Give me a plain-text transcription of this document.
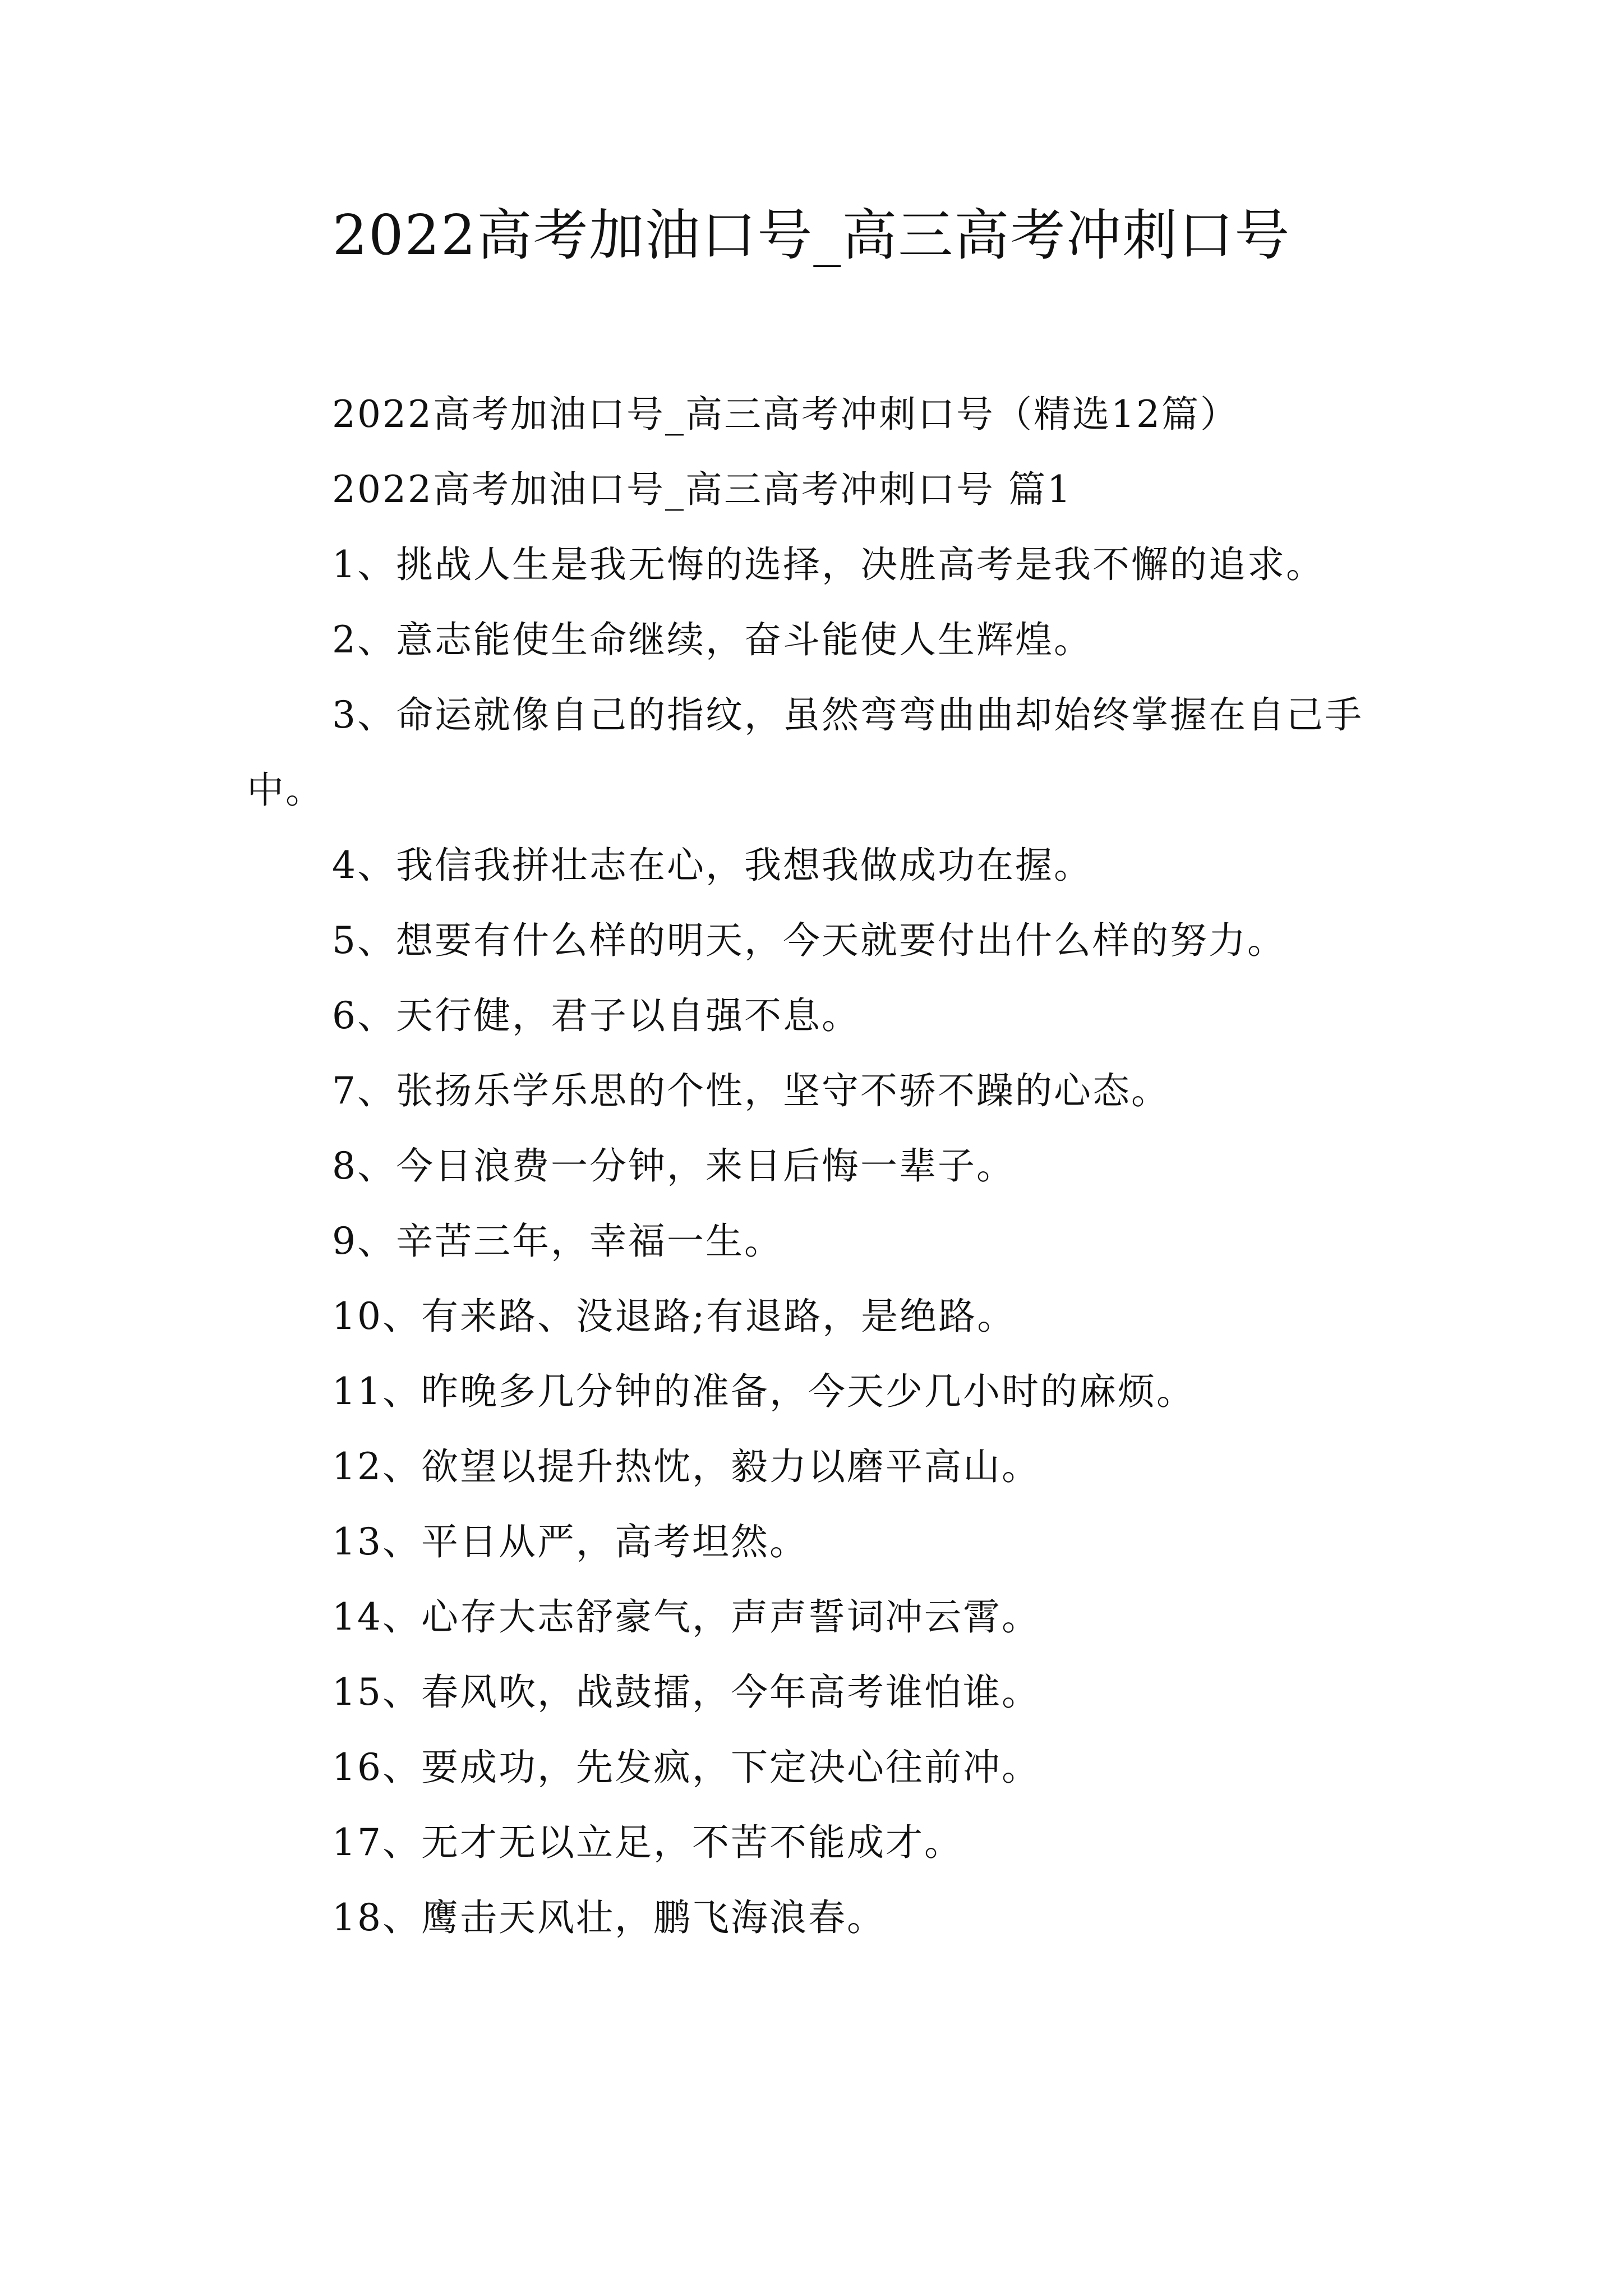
2022高考加油口号_高三高考冲刺口号

2022高考加油口号_高三高考冲刺口号（精选12篇）

2022高考加油口号_高三高考冲刺口号 篇1

1、挑战人生是我无悔的选择，决胜高考是我不懈的追求。

2、意志能使生命继续，奋斗能使人生辉煌。

3、命运就像自己的指纹，虽然弯弯曲曲却始终掌握在自己手中。

4、我信我拼壮志在心，我想我做成功在握。

5、想要有什么样的明天，今天就要付出什么样的努力。

6、天行健，君子以自强不息。

7、张扬乐学乐思的个性，坚守不骄不躁的心态。

8、今日浪费一分钟，来日后悔一辈子。

9、辛苦三年，幸福一生。

10、有来路、没退路;有退路，是绝路。

11、昨晚多几分钟的准备，今天少几小时的麻烦。

12、欲望以提升热忱，毅力以磨平高山。

13、平日从严，高考坦然。

14、心存大志舒豪气，声声誓词冲云霄。

15、春风吹，战鼓擂，今年高考谁怕谁。

16、要成功，先发疯，下定决心往前冲。

17、无才无以立足，不苦不能成才。

18、鹰击天风壮，鹏飞海浪春。
